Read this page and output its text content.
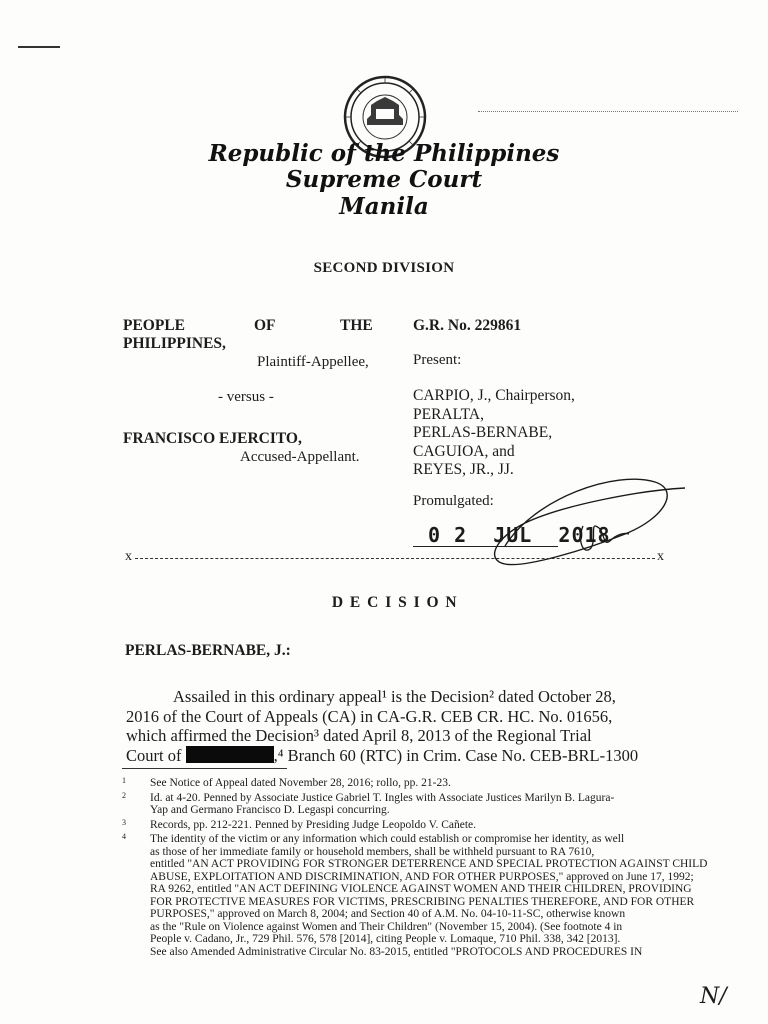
Republic of the Philippines
Supreme Court
Manila
SECOND DIVISION
PEOPLE	OF	THE
PHILIPPINES,
Plaintiff-Appellee,
- versus -
FRANCISCO EJERCITO,
Accused-Appellant.
G.R. No. 229861
Present:
CARPIO, J., Chairperson,
PERALTA,
PERLAS-BERNABE,
CAGUIOA, and
REYES, JR., JJ.
Promulgated:
0 2  JUL  2018
x	x
D E C I S I O N
PERLAS-BERNABE, J.:
Assailed in this ordinary appeal¹ is the Decision² dated October 28,
2016 of the Court of Appeals (CA) in CA-G.R. CEB CR. HC. No. 01656,
which affirmed the Decision³ dated April 8, 2013 of the Regional Trial
Court of	,⁴ Branch 60 (RTC) in Crim. Case No. CEB-BRL-1300
1 See Notice of Appeal dated November 28, 2016; rollo, pp. 21-23.
2 Id. at 4-20. Penned by Associate Justice Gabriel T. Ingles with Associate Justices Marilyn B. Lagura-
Yap and Germano Francisco D. Legaspi concurring.
3 Records, pp. 212-221. Penned by Presiding Judge Leopoldo V. Cañete.
4 The identity of the victim or any information which could establish or compromise her identity, as well
as those of her immediate family or household members, shall be withheld pursuant to RA 7610,
entitled "AN ACT PROVIDING FOR STRONGER DETERRENCE AND SPECIAL PROTECTION AGAINST CHILD
ABUSE, EXPLOITATION AND DISCRIMINATION, AND FOR OTHER PURPOSES," approved on June 17, 1992;
RA 9262, entitled "AN ACT DEFINING VIOLENCE AGAINST WOMEN AND THEIR CHILDREN, PROVIDING
FOR PROTECTIVE MEASURES FOR VICTIMS, PRESCRIBING PENALTIES THEREFORE, AND FOR OTHER
PURPOSES," approved on March 8, 2004; and Section 40 of A.M. No. 04-10-11-SC, otherwise known
as the "Rule on Violence against Women and Their Children" (November 15, 2004). (See footnote 4 in
People v. Cadano, Jr., 729 Phil. 576, 578 [2014], citing People v. Lomaque, 710 Phil. 338, 342 [2013].
See also Amended Administrative Circular No. 83-2015, entitled "PROTOCOLS AND PROCEDURES IN
N/
